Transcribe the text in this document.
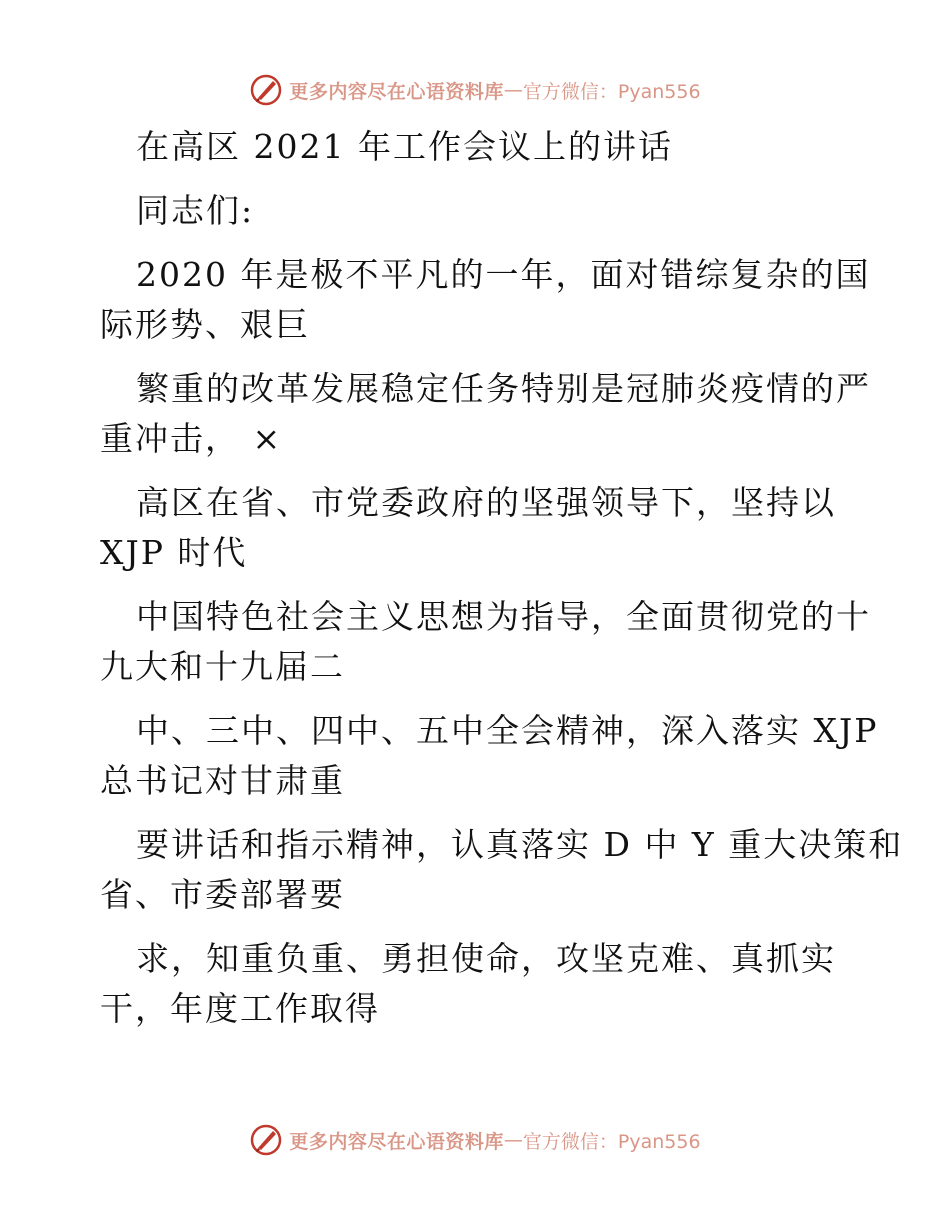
更多内容尽在心语资料库 — 官方微信：Pyan556

在高区 2021 年工作会议上的讲话

同志们:

2020 年是极不平凡的一年，面对错综复杂的国

际形势、艰巨

繁重的改革发展稳定任务特别是冠肺炎疫情的严

重冲击， ×

高区在省、市党委政府的坚强领导下，坚持以

XJP 时代

中国特色社会主义思想为指导，全面贯彻党的十

九大和十九届二

中、三中、四中、五中全会精神，深入落实 XJP

总书记对甘肃重

要讲话和指示精神，认真落实 D 中 Y 重大决策和

省、市委部署要

求，知重负重、勇担使命，攻坚克难、真抓实

干，年度工作取得

更多内容尽在心语资料库 — 官方微信：Pyan556
